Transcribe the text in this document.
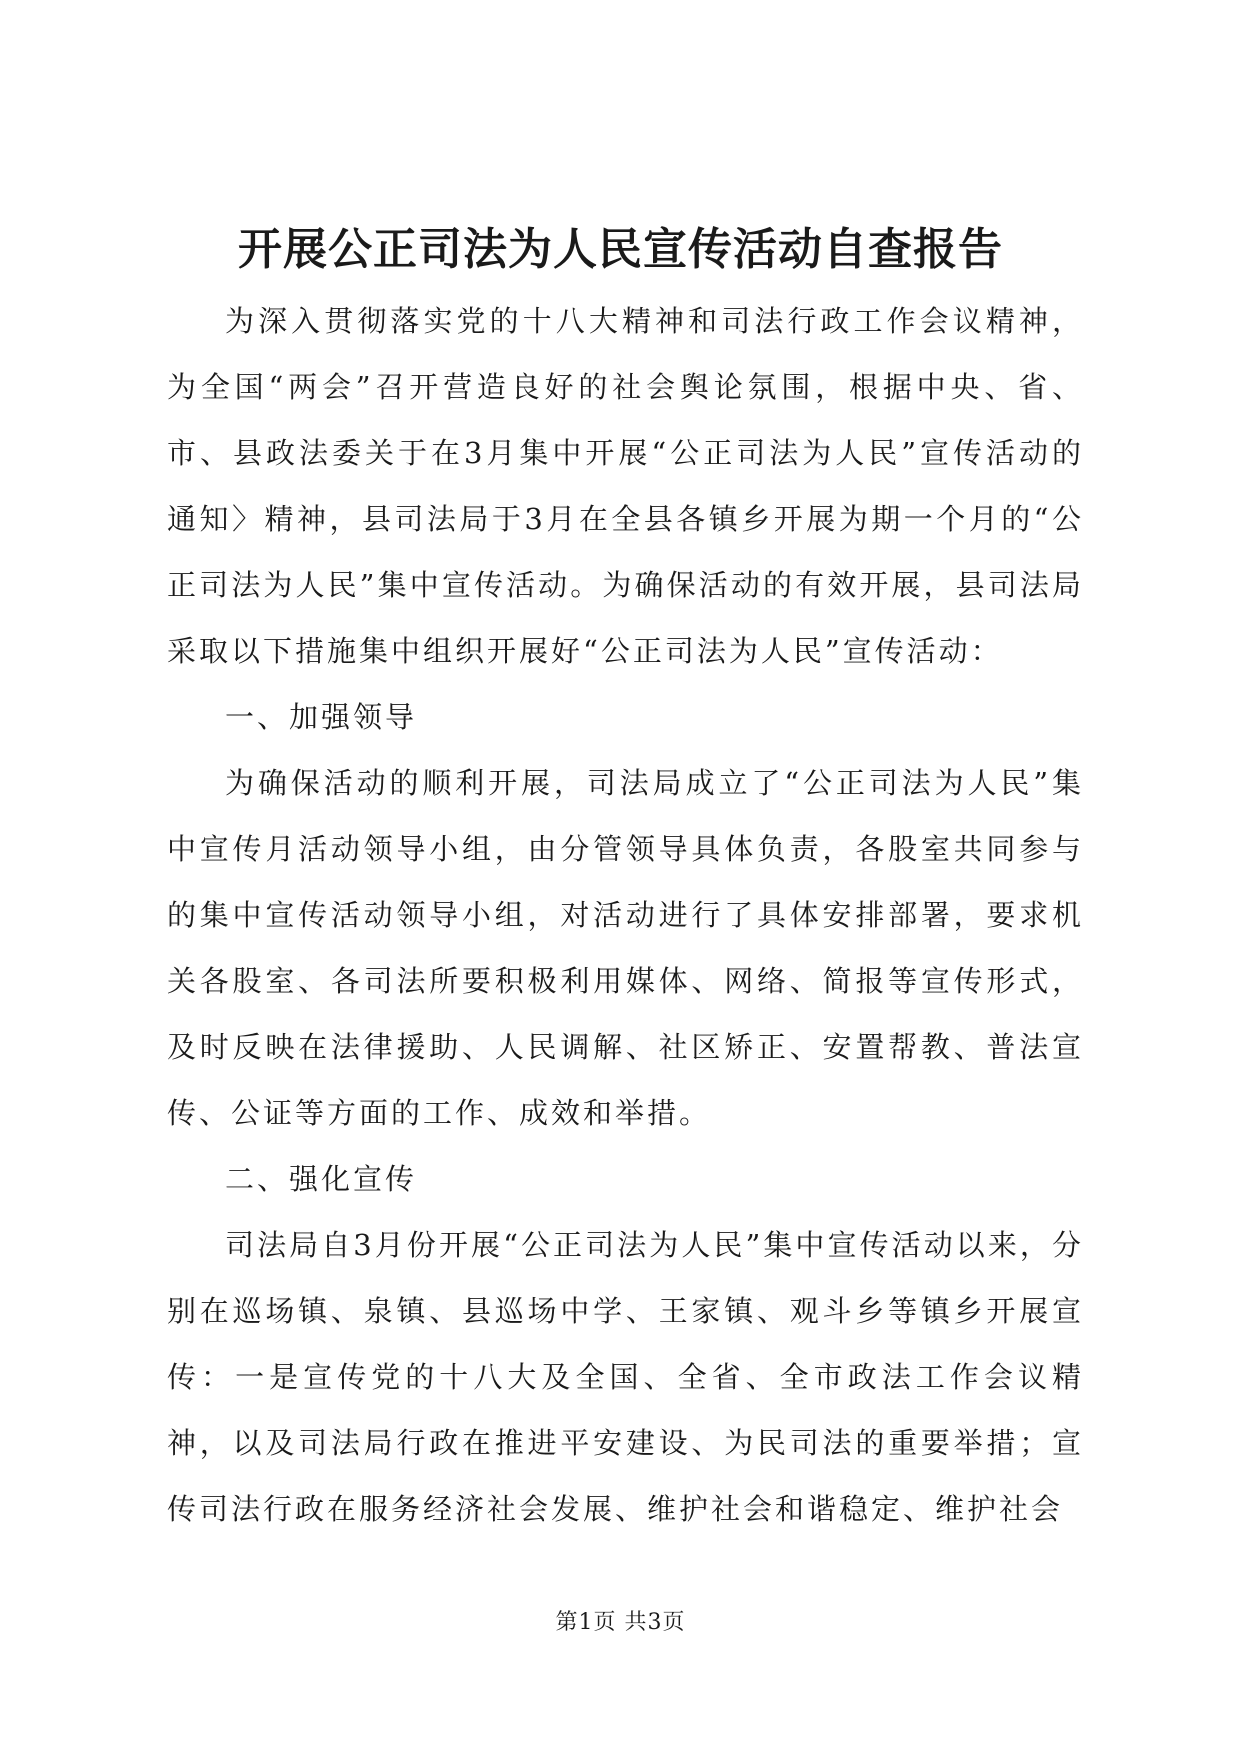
开展公正司法为人民宣传活动自查报告

为深入贯彻落实党的十八大精神和司法行政工作会议精神，为全国“两会”召开营造良好的社会舆论氛围，根据中央、省、市、县政法委关于在3月集中开展“公正司法为人民”宣传活动的通知〉精神，县司法局于3月在全县各镇乡开展为期一个月的“公正司法为人民”集中宣传活动。为确保活动的有效开展，县司法局采取以下措施集中组织开展好“公正司法为人民”宣传活动：

一、加强领导

为确保活动的顺利开展，司法局成立了“公正司法为人民”集中宣传月活动领导小组，由分管领导具体负责，各股室共同参与的集中宣传活动领导小组，对活动进行了具体安排部署，要求机关各股室、各司法所要积极利用媒体、网络、简报等宣传形式，及时反映在法律援助、人民调解、社区矫正、安置帮教、普法宣传、公证等方面的工作、成效和举措。

二、强化宣传

司法局自3月份开展“公正司法为人民”集中宣传活动以来，分别在巡场镇、泉镇、县巡场中学、王家镇、观斗乡等镇乡开展宣传：一是宣传党的十八大及全国、全省、全市政法工作会议精神，以及司法局行政在推进平安建设、为民司法的重要举措；宣传司法行政在服务经济社会发展、维护社会和谐稳定、维护社会

第1页 共3页
